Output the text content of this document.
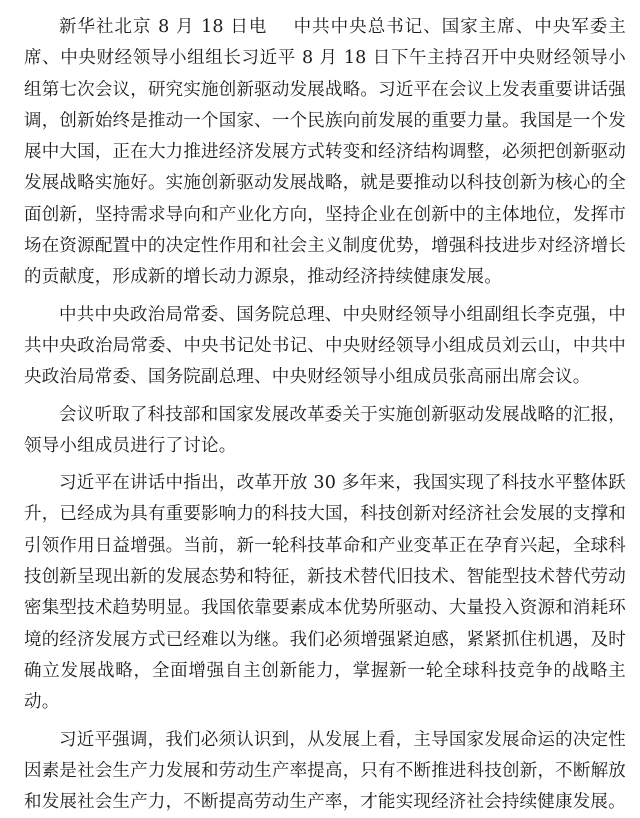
新华社北京 8 月 18 日电 中共中央总书记、国家主席、中央军委主席、中央财经领导小组组长习近平 8 月 18 日下午主持召开中央财经领导小组第七次会议，研究实施创新驱动发展战略。习近平在会议上发表重要讲话强调，创新始终是推动一个国家、一个民族向前发展的重要力量。我国是一个发展中大国，正在大力推进经济发展方式转变和经济结构调整，必须把创新驱动发展战略实施好。实施创新驱动发展战略，就是要推动以科技创新为核心的全面创新，坚持需求导向和产业化方向，坚持企业在创新中的主体地位，发挥市场在资源配置中的决定性作用和社会主义制度优势，增强科技进步对经济增长的贡献度，形成新的增长动力源泉，推动经济持续健康发展。

中共中央政治局常委、国务院总理、中央财经领导小组副组长李克强，中共中央政治局常委、中央书记处书记、中央财经领导小组成员刘云山，中共中央政治局常委、国务院副总理、中央财经领导小组成员张高丽出席会议。

会议听取了科技部和国家发展改革委关于实施创新驱动发展战略的汇报，领导小组成员进行了讨论。

习近平在讲话中指出，改革开放 30 多年来，我国实现了科技水平整体跃升，已经成为具有重要影响力的科技大国，科技创新对经济社会发展的支撑和引领作用日益增强。当前，新一轮科技革命和产业变革正在孕育兴起，全球科技创新呈现出新的发展态势和特征，新技术替代旧技术、智能型技术替代劳动密集型技术趋势明显。我国依靠要素成本优势所驱动、大量投入资源和消耗环境的经济发展方式已经难以为继。我们必须增强紧迫感，紧紧抓住机遇，及时确立发展战略，全面增强自主创新能力，掌握新一轮全球科技竞争的战略主动。

习近平强调，我们必须认识到，从发展上看，主导国家发展命运的决定性因素是社会生产力发展和劳动生产率提高，只有不断推进科技创新，不断解放和发展社会生产力，不断提高劳动生产率，才能实现经济社会持续健康发展。
